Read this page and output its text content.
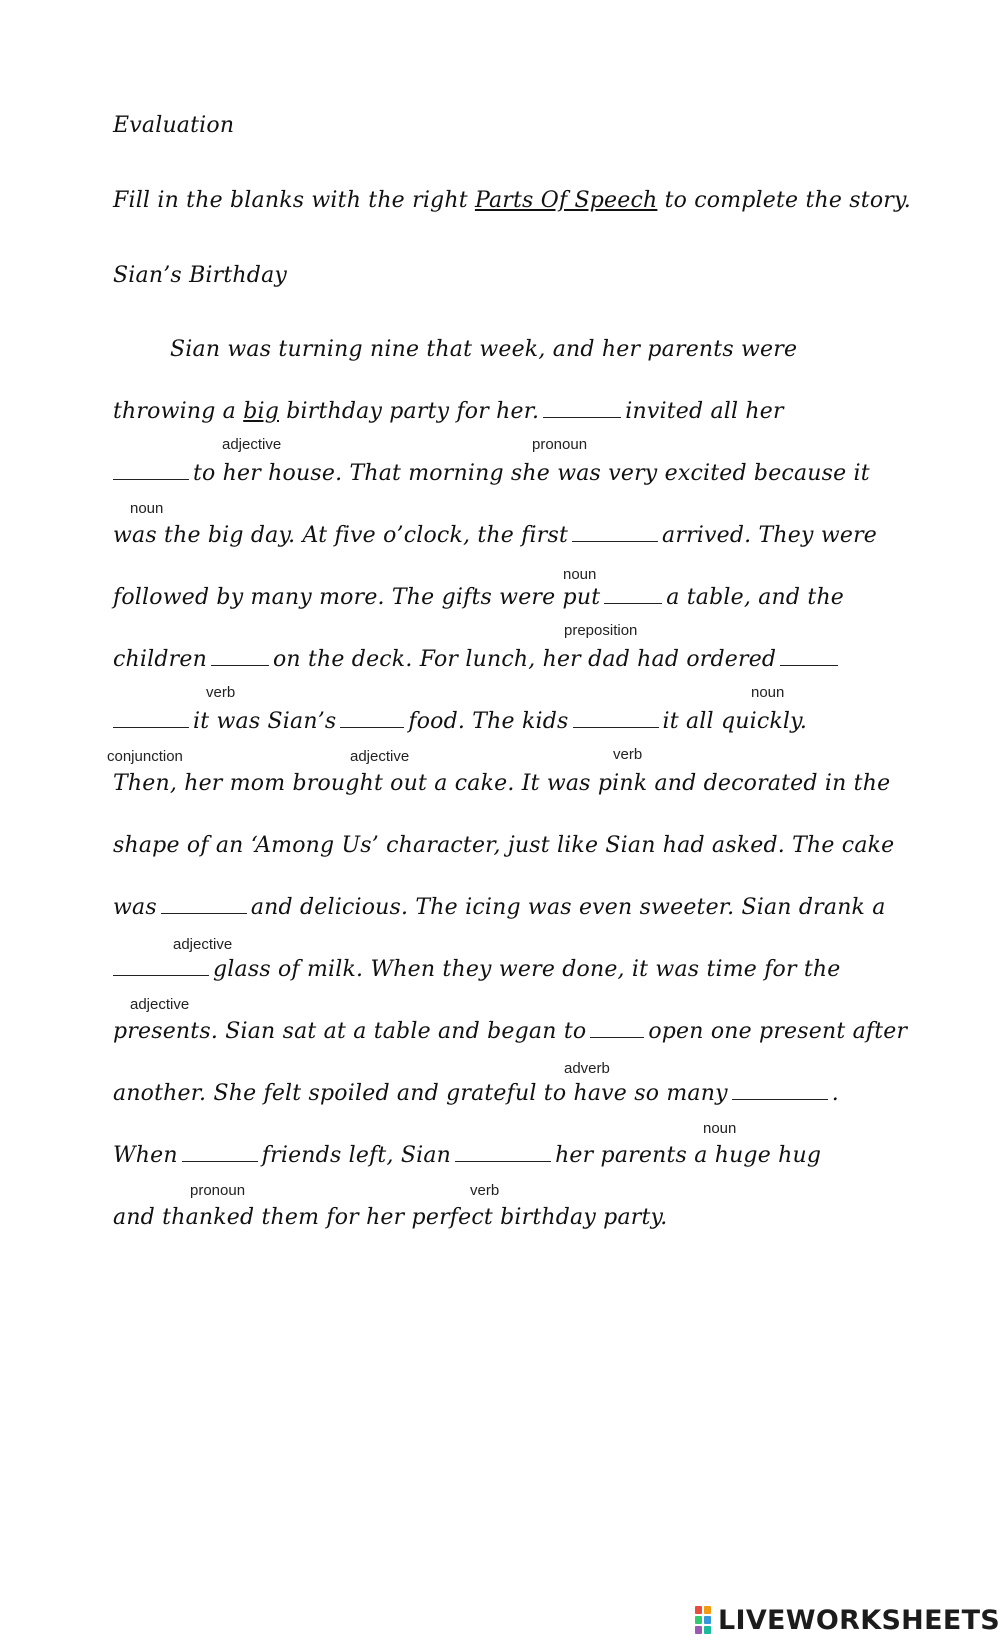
Evaluation
Fill in the blanks with the right Parts Of Speech to complete the story.
Sian’s Birthday
Sian was turning nine that week, and her parents were
throwing a big birthday party for her.	invited all her
to her house. That morning she was very excited because it
was the big day. At five o’clock, the first	arrived. They were
followed by many more. The gifts were put	a table, and the
children	on the deck. For lunch, her dad had ordered
it was Sian’s	food. The kids	it all quickly.
Then, her mom brought out a cake. It was pink and decorated in the
shape of an ‘Among Us’ character, just like Sian had asked. The cake
was	and delicious. The icing was even sweeter. Sian drank a
glass of milk. When they were done, it was time for the
presents. Sian sat at a table and began to	open one present after
another. She felt spoiled and grateful to have so many	.
When	friends left, Sian	her parents a huge hug
and thanked them for her perfect birthday party.
adjective	pronoun
noun
noun
preposition
verb	noun
conjunction	adjective	verb
adjective
adjective
adverb
noun
pronoun	verb
LIVEWORKSHEETS
